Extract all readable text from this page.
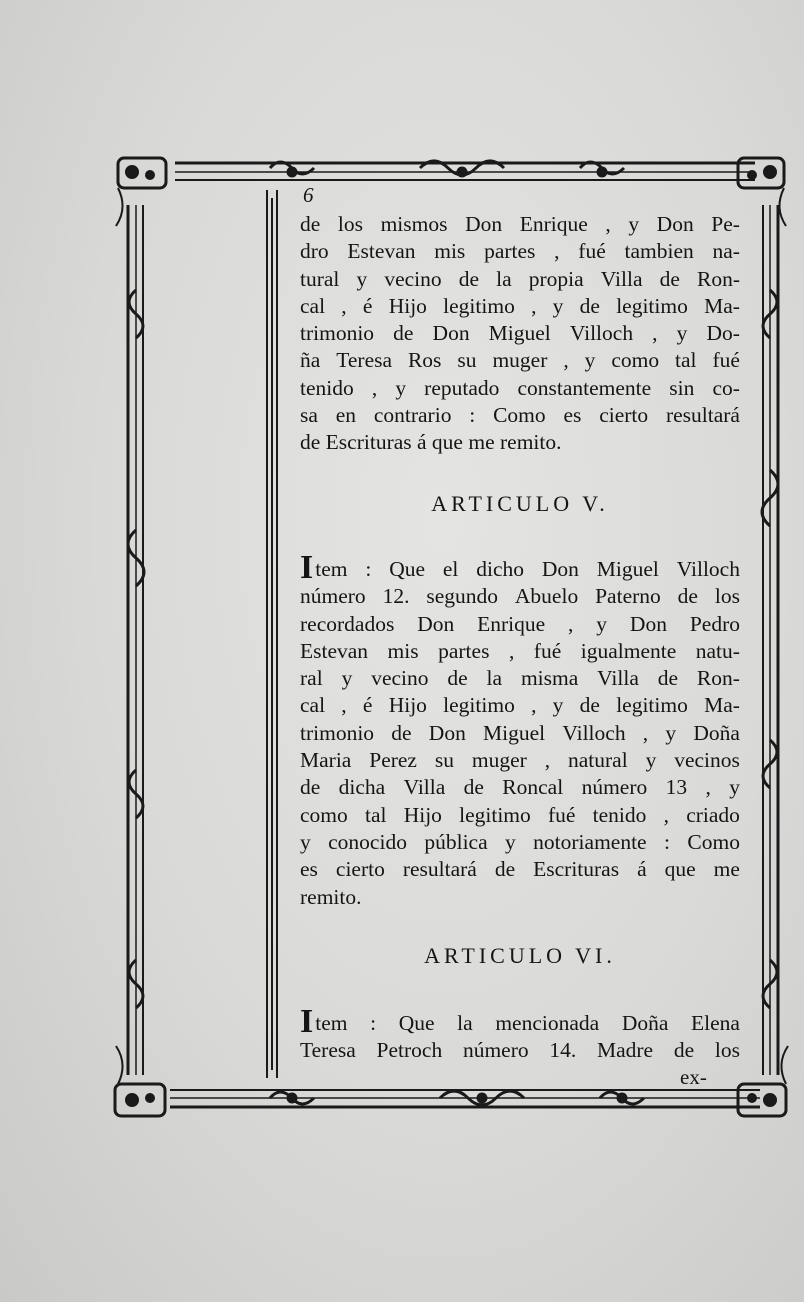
6
de los mismos Don Enrique , y Don Pe-
dro Estevan mis partes , fué tambien na-
tural y vecino de la propia Villa de Ron-
cal , é Hijo legitimo , y de legitimo Ma-
trimonio de Don Miguel Villoch , y Do-
ña Teresa Ros su muger , y como tal fué
tenido , y reputado constantemente sin co-
sa en contrario : Como es cierto resultará
de Escrituras á que me remito.
ARTICULO V.
I tem : Que el dicho Don Miguel Villoch
número 12. segundo Abuelo Paterno de los
recordados Don Enrique , y Don Pedro
Estevan mis partes , fué igualmente natu-
ral y vecino de la misma Villa de Ron-
cal , é Hijo legitimo , y de legitimo Ma-
trimonio de Don Miguel Villoch , y Doña
Maria Perez su muger , natural y vecinos
de dicha Villa de Roncal número 13 , y
como tal Hijo legitimo fué tenido , criado
y conocido pública y notoriamente : Como
es cierto resultará de Escrituras á que me
remito.
ARTICULO VI.
I tem : Que la mencionada Doña Elena
Teresa Petroch número 14. Madre de los
ex-
